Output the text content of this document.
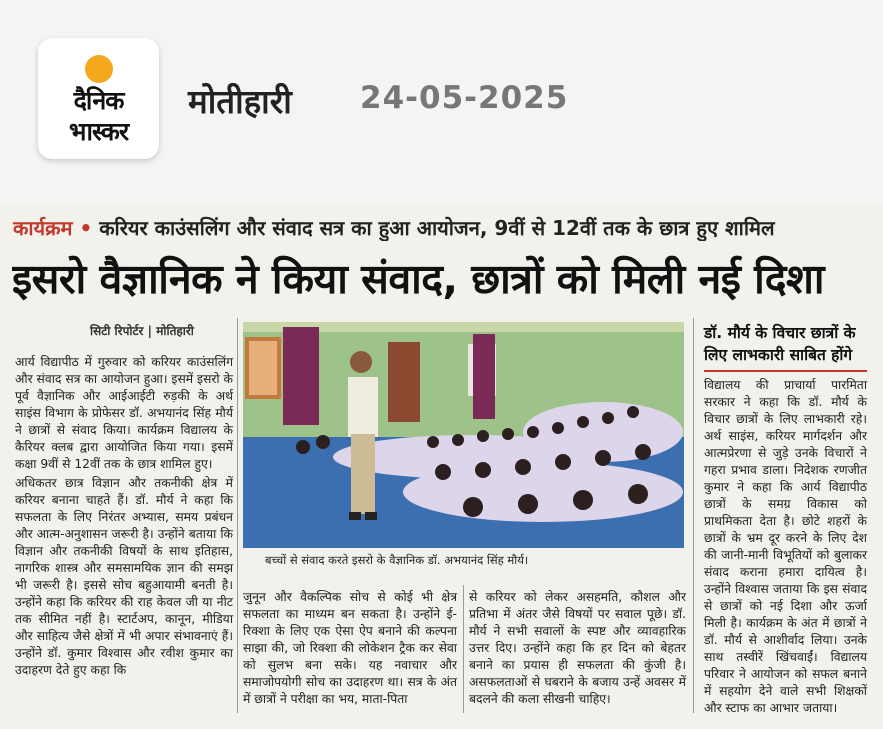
दैनिक
भास्कर
मोतीहारी 24-05-2025
कार्यक्रम • करियर काउंसलिंग और संवाद सत्र का हुआ आयोजन, 9वीं से 12वीं तक के छात्र हुए शामिल
इसरो वैज्ञानिक ने किया संवाद, छात्रों को मिली नई दिशा
सिटी रिपोर्टर | मोतिहारी

आर्य विद्यापीठ में गुरुवार को करियर काउंसलिंग और संवाद सत्र का आयोजन हुआ। इसमें इसरो के पूर्व वैज्ञानिक और आईआईटी रुड़की के अर्थ साइंस विभाग के प्रोफेसर डॉ. अभयानंद सिंह मौर्य ने छात्रों से संवाद किया। कार्यक्रम विद्यालय के कैरियर क्लब द्वारा आयोजित किया गया। इसमें कक्षा 9वीं से 12वीं तक के छात्र शामिल हुए।

अधिकतर छात्र विज्ञान और तकनीकी क्षेत्र में करियर बनाना चाहते हैं। डॉ. मौर्य ने कहा कि सफलता के लिए निरंतर अभ्यास, समय प्रबंधन और आत्म-अनुशासन जरूरी है। उन्होंने बताया कि विज्ञान और तकनीकी विषयों के साथ इतिहास, नागरिक शास्त्र और समसामयिक ज्ञान की समझ भी जरूरी है। इससे सोच बहुआयामी बनती है। उन्होंने कहा कि करियर की राह केवल जी या नीट तक सीमित नहीं है। स्टार्टअप, कानून, मीडिया और साहित्य जैसे क्षेत्रों में भी अपार संभावनाएं हैं। उन्होंने डॉ. कुमार विश्वास और रवीश कुमार का उदाहरण देते हुए कहा कि

बच्चों से संवाद करते इसरो के वैज्ञानिक डॉ. अभयानंद सिंह मौर्य।

जुनून और वैकल्पिक सोच से कोई भी क्षेत्र सफलता का माध्यम बन सकता है। उन्होंने ई-रिक्शा के लिए एक ऐसा ऐप बनाने की कल्पना साझा की, जो रिक्शा की लोकेशन ट्रैक कर सेवा को सुलभ बना सके। यह नवाचार और समाजोपयोगी सोच का उदाहरण था। सत्र के अंत में छात्रों ने परीक्षा का भय, माता-पिता

से करियर को लेकर असहमति, कौशल और प्रतिभा में अंतर जैसे विषयों पर सवाल पूछे। डॉ. मौर्य ने सभी सवालों के स्पष्ट और व्यावहारिक उत्तर दिए। उन्होंने कहा कि हर दिन को बेहतर बनाने का प्रयास ही सफलता की कुंजी है। असफलताओं से घबराने के बजाय उन्हें अवसर में बदलने की कला सीखनी चाहिए।

डॉ. मौर्य के विचार छात्रों के लिए लाभकारी साबित होंगे

विद्यालय की प्राचार्या पारमिता सरकार ने कहा कि डॉ. मौर्य के विचार छात्रों के लिए लाभकारी रहे। अर्थ साइंस, करियर मार्गदर्शन और आत्मप्रेरणा से जुड़े उनके विचारों ने गहरा प्रभाव डाला। निदेशक रणजीत कुमार ने कहा कि आर्य विद्यापीठ छात्रों के समग्र विकास को प्राथमिकता देता है। छोटे शहरों के छात्रों के भ्रम दूर करने के लिए देश की जानी-मानी विभूतियों को बुलाकर संवाद कराना हमारा दायित्व है। उन्होंने विश्वास जताया कि इस संवाद से छात्रों को नई दिशा और ऊर्जा मिली है। कार्यक्रम के अंत में छात्रों ने डॉ. मौर्य से आशीर्वाद लिया। उनके साथ तस्वीरें खिंचवाईं। विद्यालय परिवार ने आयोजन को सफल बनाने में सहयोग देने वाले सभी शिक्षकों और स्टाफ का आभार जताया।
